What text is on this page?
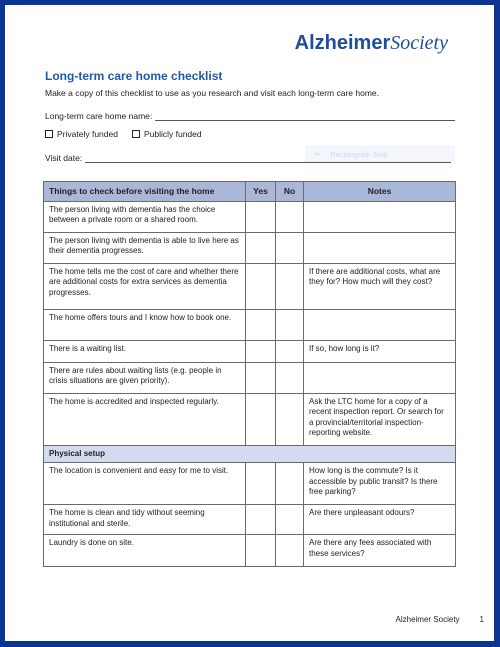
AlzheimerSociety
Long-term care home checklist
Make a copy of this checklist to use as you research and visit each long-term care home.
Long-term care home name:
Privately funded	Publicly funded
Visit date:	✂ Rectangular Snip
Things to check before visiting the home	Yes	No	Notes
The person living with dementia has the choice between a private room or a shared room.			
The person living with dementia is able to live here as their dementia progresses.			
The home tells me the cost of care and whether there are additional costs for extra services as dementia progresses.			If there are additional costs, what are they for? How much will they cost?
The home offers tours and I know how to book one.			
There is a waiting list.			If so, how long is it?
There are rules about waiting lists (e.g. people in crisis situations are given priority).			
The home is accredited and inspected regularly.			Ask the LTC home for a copy of a recent inspection report. Or search for a provincial/territorial inspection-reporting website.
Physical setup			
The location is convenient and easy for me to visit.			How long is the commute? Is it accessible by public transit? Is there free parking?
The home is clean and tidy without seeming institutional and sterile.			Are there unpleasant odours?
Laundry is done on site.			Are there any fees associated with these services?
Alzheimer Society	1
